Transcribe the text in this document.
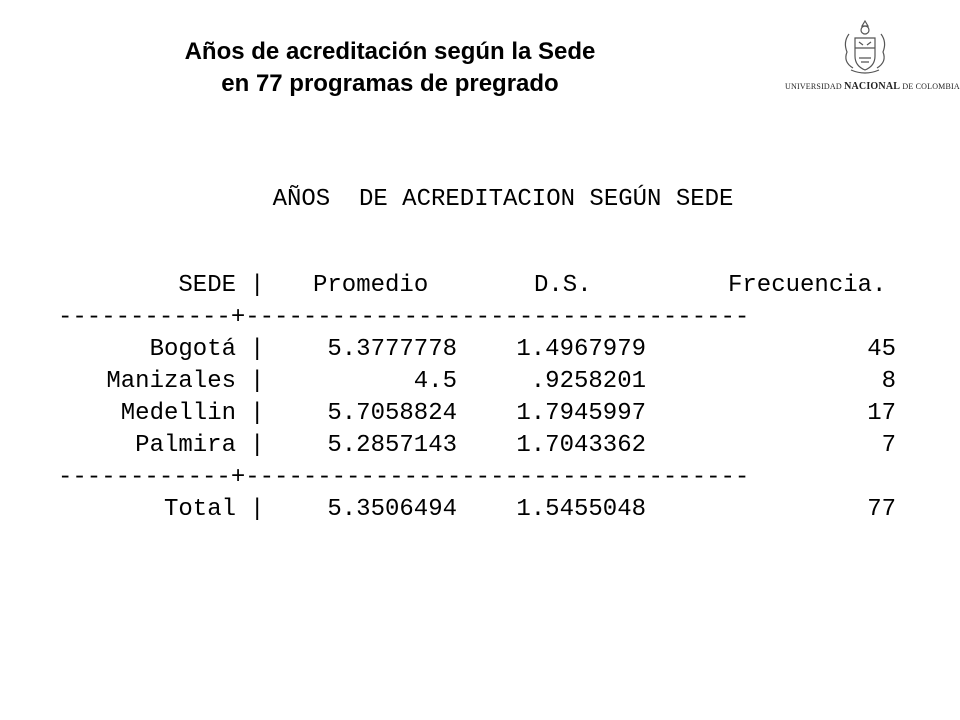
Años de acreditación según la Sede
en 77 programas de pregrado	UNIVERSIDAD NACIONAL DE COLOMBIA
AÑOS  DE ACREDITACION SEGÚN SEDE
SEDE | Promedio	D.S.	Frecuencia.
------------+-----------------------------------
Bogotá |	5.3777778	1.4967979	45
Manizales |	4.5	.9258201	8
Medellin |	5.7058824	1.7945997	17
Palmira |	5.2857143	1.7043362	7
------------+-----------------------------------
Total |	5.3506494	1.5455048	77
